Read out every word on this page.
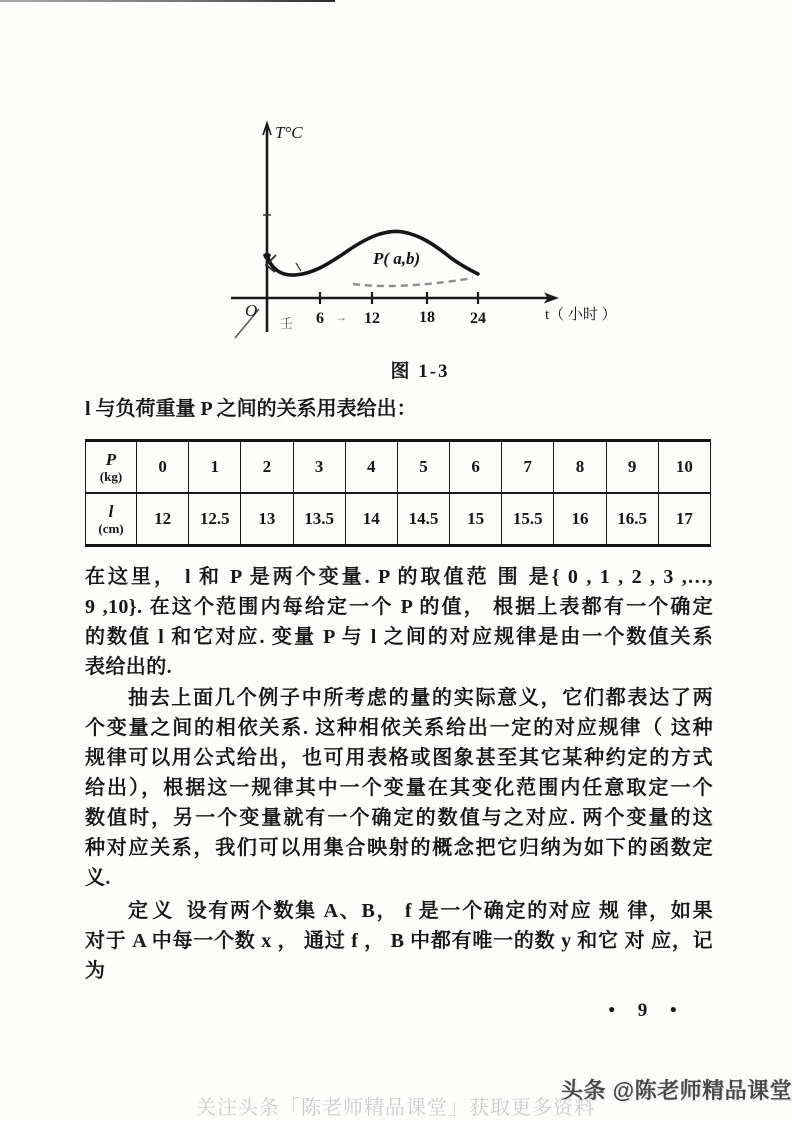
T°C
O
P( a,b)
6	12 18 24	t（ 小时 ）
壬	→
图 1-3
l 与负荷重量 P 之间的关系用表给出：
P
(kg)	0	1	2	3	4	5	6	7	8	9	10

l
(cm)	12	12.5	13	13.5	14	14.5	15	15.5	16	16.5	17
在这里， l 和 P 是两个变量. P 的取值范 围 是{ 0 , 1 , 2 , 3 ,…,
9 ,10}. 在这个范围内每给定一个 P 的值， 根据上表都有一个确定
的数值 l 和它对应. 变量 P 与 l 之间的对应规律是由一个数值关系
表给出的.
抽去上面几个例子中所考虑的量的实际意义，它们都表达了两
个变量之间的相依关系. 这种相依关系给出一定的对应规律（ 这种
规律可以用公式给出，也可用表格或图象甚至其它某种约定的方式
给出），根据这一规律其中一个变量在其变化范围内任意取定一个
数值时，另一个变量就有一个确定的数值与之对应. 两个变量的这
种对应关系，我们可以用集合映射的概念把它归纳为如下的函数定
义.
定义 设有两个数集 A、B， f 是一个确定的对应 规 律，如果
对于 A 中每一个数 x ， 通过 f ， B 中都有唯一的数 y 和它 对 应，记
为
• 9 •
头条 @陈老师精品课堂
关注头条「陈老师精品课堂」获取更多资料
